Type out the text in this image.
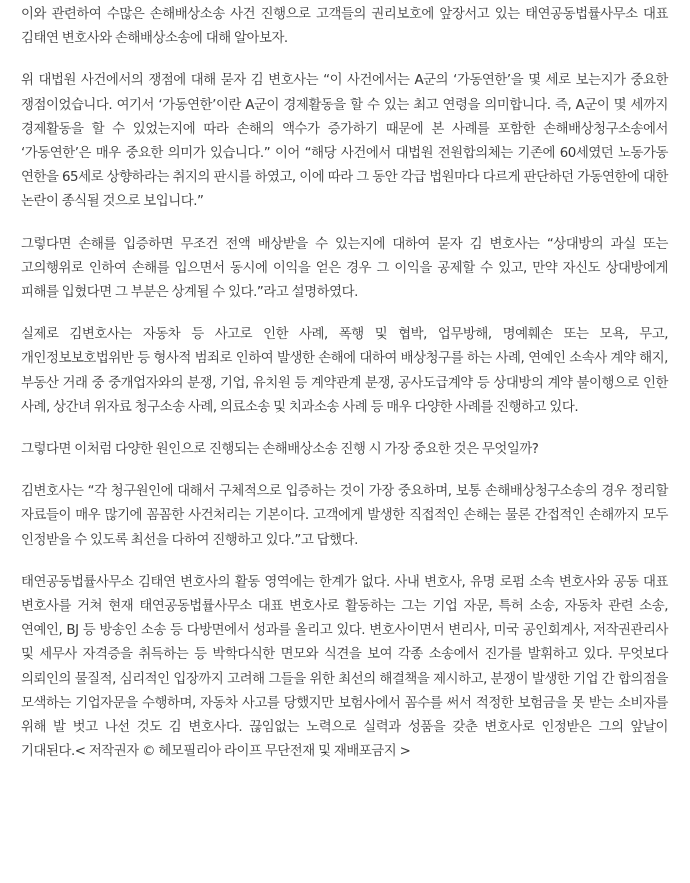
이와 관련하여 수많은 손해배상소송 사건 진행으로 고객들의 권리보호에 앞장서고 있는 태연공동법률사무소 대표 김태연 변호사와 손해배상소송에 대해 알아보자.

위 대법원 사건에서의 쟁점에 대해 묻자 김 변호사는 “이 사건에서는 A군의 ‘가동연한’을 몇 세로 보는지가 중요한 쟁점이었습니다. 여기서 ‘가동연한’이란 A군이 경제활동을 할 수 있는 최고 연령을 의미합니다. 즉, A군이 몇 세까지 경제활동을 할 수 있었는지에 따라 손해의 액수가 증가하기 때문에 본 사례를 포함한 손해배상청구소송에서 ‘가동연한’은 매우 중요한 의미가 있습니다.” 이어 “해당 사건에서 대법원 전원합의체는 기존에 60세였던 노동가동 연한을 65세로 상향하라는 취지의 판시를 하였고, 이에 따라 그 동안 각급 법원마다 다르게 판단하던 가동연한에 대한 논란이 종식될 것으로 보입니다.”

그렇다면 손해를 입증하면 무조건 전액 배상받을 수 있는지에 대하여 묻자 김 변호사는 “상대방의 과실 또는 고의행위로 인하여 손해를 입으면서 동시에 이익을 얻은 경우 그 이익을 공제할 수 있고, 만약 자신도 상대방에게 피해를 입혔다면 그 부분은 상계될 수 있다.”라고 설명하였다.

실제로 김변호사는 자동차 등 사고로 인한 사례, 폭행 및 협박, 업무방해, 명예훼손 또는 모욕, 무고, 개인정보보호법위반 등 형사적 범죄로 인하여 발생한 손해에 대하여 배상청구를 하는 사례, 연예인 소속사 계약 해지, 부동산 거래 중 중개업자와의 분쟁, 기업, 유치원 등 계약관계 분쟁, 공사도급계약 등 상대방의 계약 불이행으로 인한 사례, 상간녀 위자료 청구소송 사례, 의료소송 및 치과소송 사례 등 매우 다양한 사례를 진행하고 있다.

그렇다면 이처럼 다양한 원인으로 진행되는 손해배상소송 진행 시 가장 중요한 것은 무엇일까?

김변호사는 “각 청구원인에 대해서 구체적으로 입증하는 것이 가장 중요하며, 보통 손해배상청구소송의 경우 정리할 자료들이 매우 많기에 꼼꼼한 사건처리는 기본이다. 고객에게 발생한 직접적인 손해는 물론 간접적인 손해까지 모두 인정받을 수 있도록 최선을 다하여 진행하고 있다.”고 답했다.

태연공동법률사무소 김태연 변호사의 활동 영역에는 한계가 없다. 사내 변호사, 유명 로펌 소속 변호사와 공동 대표 변호사를 거쳐 현재 태연공동법률사무소 대표 변호사로 활동하는 그는 기업 자문, 특허 소송, 자동차 관련 소송, 연예인, BJ 등 방송인 소송 등 다방면에서 성과를 올리고 있다. 변호사이면서 변리사, 미국 공인회계사, 저작권관리사 및 세무사 자격증을 취득하는 등 박학다식한 면모와 식견을 보여 각종 소송에서 진가를 발휘하고 있다. 무엇보다 의뢰인의 물질적, 심리적인 입장까지 고려해 그들을 위한 최선의 해결책을 제시하고, 분쟁이 발생한 기업 간 합의점을 모색하는 기업자문을 수행하며, 자동차 사고를 당했지만 보험사에서 꼼수를 써서 적정한 보험금을 못 받는 소비자를 위해 발 벗고 나선 것도 김 변호사다. 끊임없는 노력으로 실력과 성품을 갖춘 변호사로 인정받은 그의 앞날이 기대된다.< 저작권자 © 헤모필리아 라이프 무단전재 및 재배포금지 >
